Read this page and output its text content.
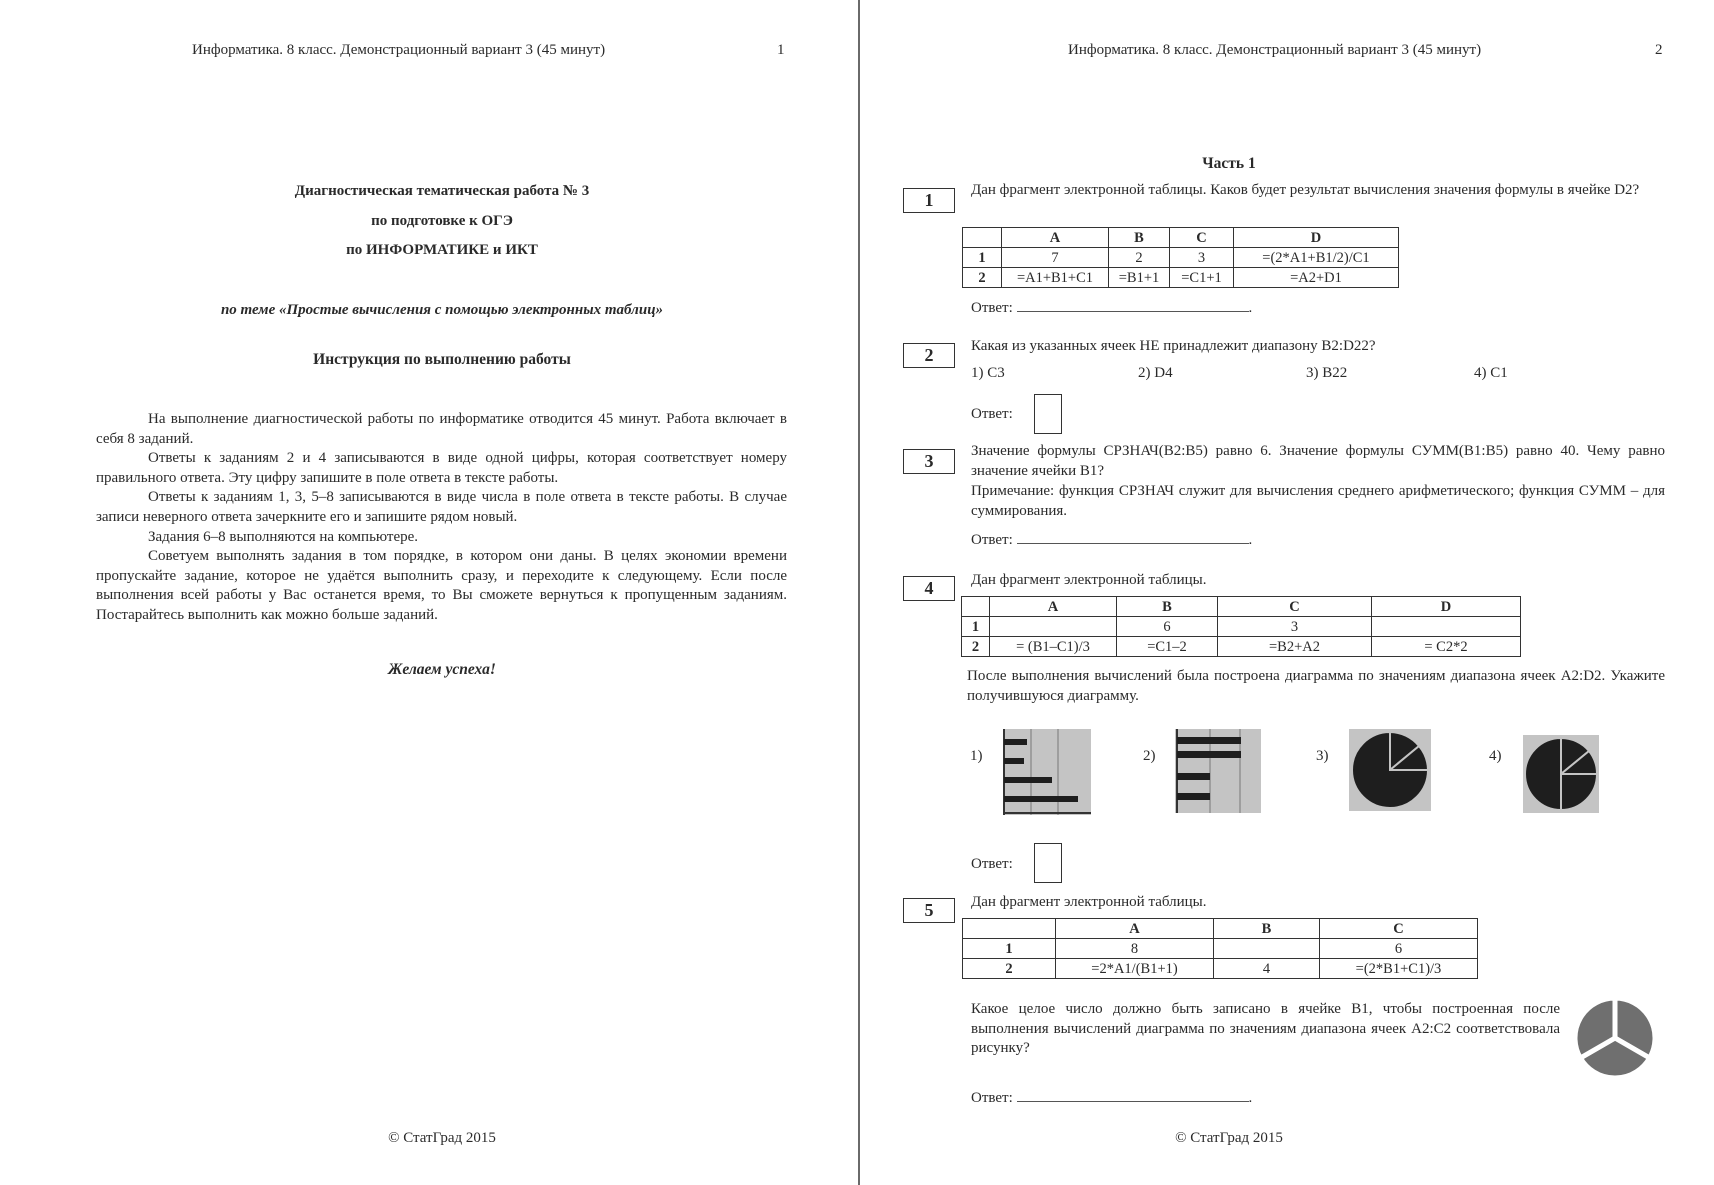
Информатика. 8 класс. Демонстрационный вариант 3 (45 минут)	1
Диагностическая тематическая работа № 3
по подготовке к ОГЭ
по ИНФОРМАТИКЕ и ИКТ
по теме «Простые вычисления с помощью электронных таблиц»
Инструкция по выполнению работы

На выполнение диагностической работы по информатике отводится 45 минут. Работа включает в себя 8 заданий.

Ответы к заданиям 2 и 4 записываются в виде одной цифры, которая соответствует номеру правильного ответа. Эту цифру запишите в поле ответа в тексте работы.

Ответы к заданиям 1, 3, 5–8 записываются в виде числа в поле ответа в тексте работы. В случае записи неверного ответа зачеркните его и запишите рядом новый.

Задания 6–8 выполняются на компьютере.

Советуем выполнять задания в том порядке, в котором они даны. В целях экономии времени пропускайте задание, которое не удаётся выполнить сразу, и переходите к следующему. Если после выполнения всей работы у Вас останется время, то Вы сможете вернуться к пропущенным заданиям. Постарайтесь выполнить как можно больше заданий.

Желаем успеха!
© СтатГрад 2015
Информатика. 8 класс. Демонстрационный вариант 3 (45 минут)	2
Часть 1
1	Дан фрагмент электронной таблицы. Каков будет результат вычисления значения формулы в ячейке D2?
	A	B	C	D
1	7	2	3	=(2*A1+B1/2)/C1
2	=A1+B1+C1	=B1+1	=C1+1	=A2+D1
Ответ:	.
2	Какая из указанных ячеек НЕ принадлежит диапазону B2:D22?
1) C3	2) D4	3) B22	4) C1
Ответ:
3	Значение формулы СРЗНАЧ(B2:B5) равно 6. Значение формулы СУММ(B1:B5) равно 40. Чему равно значение ячейки B1?
Примечание: функция СРЗНАЧ служит для вычисления среднего арифметического; функция СУММ – для суммирования.
Ответ:	.
4	Дан фрагмент электронной таблицы.
	A	B	C	D
1		6	3	
2	= (B1–C1)/3	=C1–2	=B2+A2	= C2*2
После выполнения вычислений была построена диаграмма по значениям диапазона ячеек A2:D2. Укажите получившуюся диаграмму.
1)	2)	3)	4)
Ответ:
5	Дан фрагмент электронной таблицы.
	A	B	C
1	8		6
2	=2*A1/(B1+1)	4	=(2*B1+C1)/3
Какое целое число должно быть записано в ячейке B1, чтобы построенная после выполнения вычислений диаграмма по значениям диапазона ячеек A2:C2 соответствовала рисунку?
Ответ:	.
© СтатГрад 2015
